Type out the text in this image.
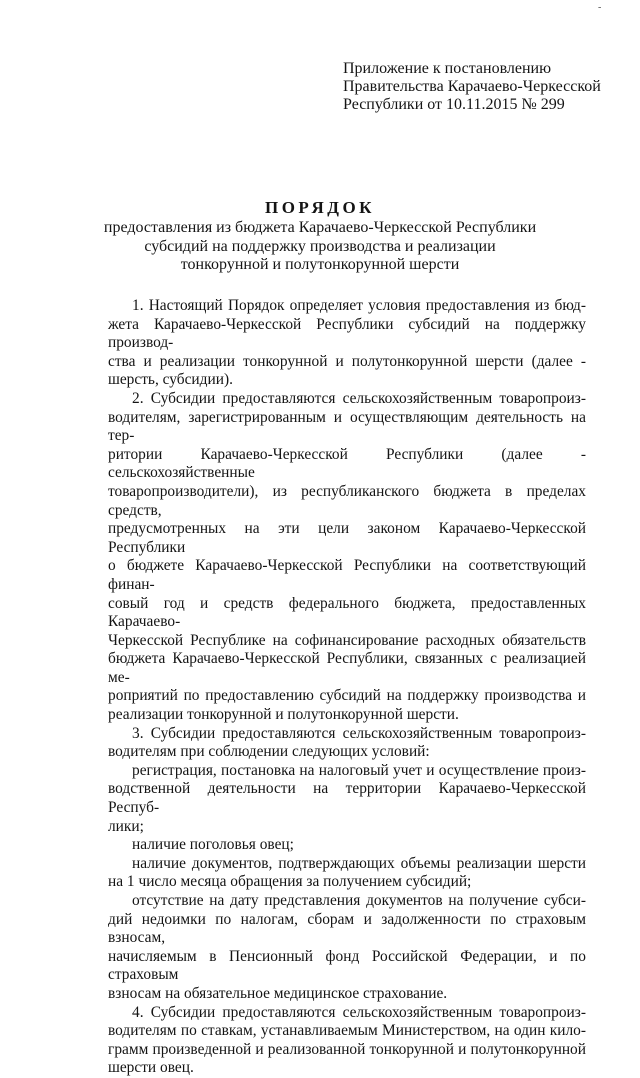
-
Приложение к постановлению
Правительства Карачаево-Черкесской
Республики от 10.11.2015 № 299
ПОРЯДОК
предоставления из бюджета Карачаево-Черкесской Республики
субсидий на поддержку производства и реализации
тонкорунной и полутонкорунной шерсти
1. Настоящий Порядок определяет условия предоставления из бюд-
жета Карачаево-Черкесской Республики субсидий на поддержку производ-
ства и реализации тонкорунной и полутонкорунной шерсти (далее -
шерсть, субсидии).
2. Субсидии предоставляются сельскохозяйственным товаропроиз-
водителям, зарегистрированным и осуществляющим деятельность на тер-
ритории Карачаево-Черкесской Республики (далее - сельскохозяйственные
товаропроизводители), из республиканского бюджета в пределах средств,
предусмотренных на эти цели законом Карачаево-Черкесской Республики
о бюджете Карачаево-Черкесской Республики на соответствующий финан-
совый год и средств федерального бюджета, предоставленных Карачаево-
Черкесской Республике на софинансирование расходных обязательств
бюджета Карачаево-Черкесской Республики, связанных с реализацией ме-
роприятий по предоставлению субсидий на поддержку производства и
реализации тонкорунной и полутонкорунной шерсти.
3. Субсидии предоставляются сельскохозяйственным товаропроиз-
водителям при соблюдении следующих условий:
регистрация, постановка на налоговый учет и осуществление произ-
водственной деятельности на территории Карачаево-Черкесской Респуб-
лики;
наличие поголовья овец;
наличие документов, подтверждающих объемы реализации шерсти
на 1 число месяца обращения за получением субсидий;
отсутствие на дату представления документов на получение субси-
дий недоимки по налогам, сборам и задолженности по страховым взносам,
начисляемым в Пенсионный фонд Российской Федерации, и по страховым
взносам на обязательное медицинское страхование.
4. Субсидии предоставляются сельскохозяйственным товаропроиз-
водителям по ставкам, устанавливаемым Министерством, на один кило-
грамм произведенной и реализованной тонкорунной и полутонкорунной
шерсти овец.
